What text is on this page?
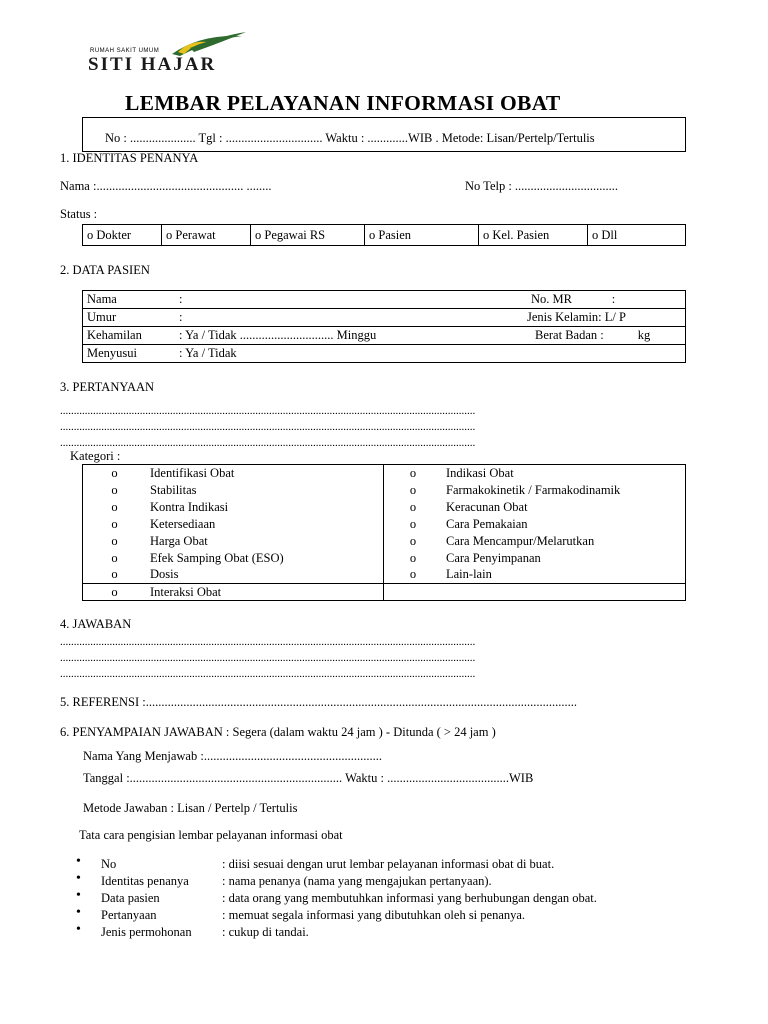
RUMAH SAKIT UMUM
SITI HAJAR
LEMBAR PELAYANAN INFORMASI OBAT
No : ..................... Tgl : ............................... Waktu : .............WIB . Metode: Lisan/Pertelp/Tertulis
1. IDENTITAS PENANYA
Nama :............................................... ........	No Telp : .................................
Status :
o Dokter	o Perawat	o Pegawai RS	o Pasien	o Kel. Pasien	o Dll
2. DATA PASIEN
Nama	:	No. MR	:
Umur	:	Jenis Kelamin: L/ P	
Kehamilan	: Ya / Tidak .............................. Minggu	Berat Badan :	kg
Menyusui	: Ya / Tidak		
3. PERTANYAAN
.......................................................................................................................................................
.......................................................................................................................................................
.......................................................................................................................................................
Kategori :
o	Identifikasi Obat	o	Indikasi Obat
o	Stabilitas	o	Farmakokinetik / Farmakodinamik
o	Kontra Indikasi	o	Keracunan Obat
o	Ketersediaan	o	Cara Pemakaian
o	Harga Obat	o	Cara Mencampur/Melarutkan
o	Efek Samping Obat (ESO)	o	Cara Penyimpanan
o	Dosis	o	Lain-lain
o	Interaksi Obat		
4. JAWABAN
.......................................................................................................................................................
.......................................................................................................................................................
.......................................................................................................................................................
5. REFERENSI :..........................................................................................................................................
6. PENYAMPAIAN JAWABAN : Segera (dalam waktu 24 jam ) - Ditunda ( > 24 jam )
Nama Yang Menjawab :.........................................................
Tanggal :.................................................................... Waktu : .......................................WIB
Metode Jawaban : Lisan / Pertelp / Tertulis
Tata cara pengisian lembar pelayanan informasi obat
• No	: diisi sesuai dengan urut lembar pelayanan informasi obat di buat.
• Identitas penanya	: nama penanya (nama yang mengajukan pertanyaan).
• Data pasien	: data orang yang membutuhkan informasi yang berhubungan dengan obat.
• Pertanyaan	: memuat segala informasi yang dibutuhkan oleh si penanya.
• Jenis permohonan : cukup di tandai.
